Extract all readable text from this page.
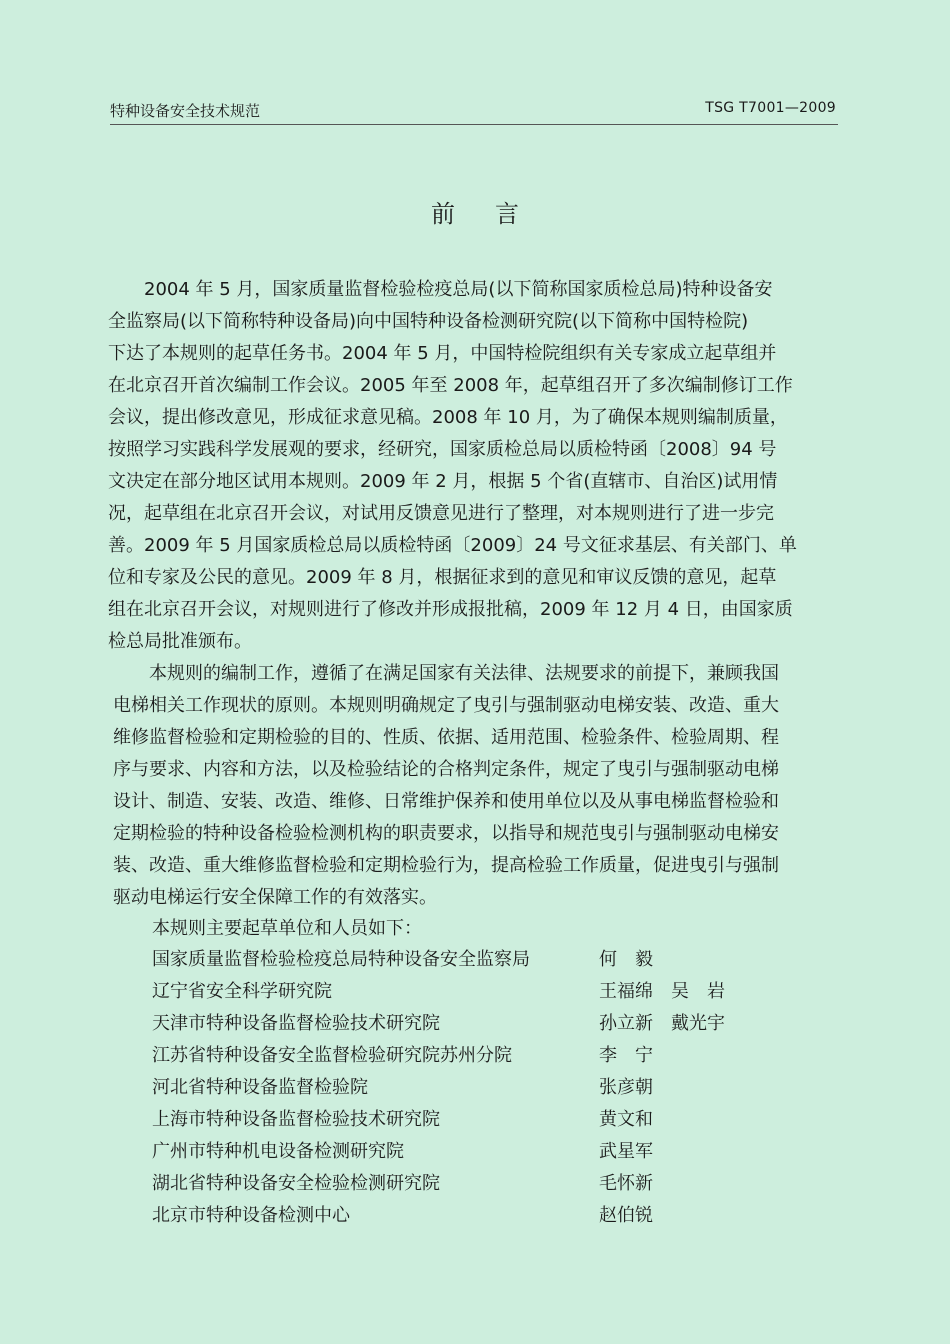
特种设备安全技术规范	TSG T7001—2009
前言

　　2004 年 5 月，国家质量监督检验检疫总局(以下简称国家质检总局)特种设备安
全监察局(以下简称特种设备局)向中国特种设备检测研究院(以下简称中国特检院)
下达了本规则的起草任务书。2004 年 5 月，中国特检院组织有关专家成立起草组并
在北京召开首次编制工作会议。2005 年至 2008 年，起草组召开了多次编制修订工作
会议，提出修改意见，形成征求意见稿。2008 年 10 月，为了确保本规则编制质量，
按照学习实践科学发展观的要求，经研究，国家质检总局以质检特函〔2008〕94 号
文决定在部分地区试用本规则。2009 年 2 月，根据 5 个省(直辖市、自治区)试用情
况，起草组在北京召开会议，对试用反馈意见进行了整理，对本规则进行了进一步完
善。2009 年 5 月国家质检总局以质检特函〔2009〕24 号文征求基层、有关部门、单
位和专家及公民的意见。2009 年 8 月，根据征求到的意见和审议反馈的意见，起草
组在北京召开会议，对规则进行了修改并形成报批稿，2009 年 12 月 4 日，由国家质
检总局批准颁布。

　　本规则的编制工作，遵循了在满足国家有关法律、法规要求的前提下，兼顾我国
电梯相关工作现状的原则。本规则明确规定了曳引与强制驱动电梯安装、改造、重大
维修监督检验和定期检验的目的、性质、依据、适用范围、检验条件、检验周期、程
序与要求、内容和方法，以及检验结论的合格判定条件，规定了曳引与强制驱动电梯
设计、制造、安装、改造、维修、日常维护保养和使用单位以及从事电梯监督检验和
定期检验的特种设备检验检测机构的职责要求，以指导和规范曳引与强制驱动电梯安
装、改造、重大维修监督检验和定期检验行为，提高检验工作质量，促进曳引与强制
驱动电梯运行安全保障工作的有效落实。

本规则主要起草单位和人员如下：
国家质量监督检验检疫总局特种设备安全监察局	何　毅
辽宁省安全科学研究院	王福绵　吴　岩
天津市特种设备监督检验技术研究院	孙立新　戴光宇
江苏省特种设备安全监督检验研究院苏州分院	李　宁
河北省特种设备监督检验院	张彦朝
上海市特种设备监督检验技术研究院	黄文和
广州市特种机电设备检测研究院	武星军
湖北省特种设备安全检验检测研究院	毛怀新
北京市特种设备检测中心	赵伯锐
